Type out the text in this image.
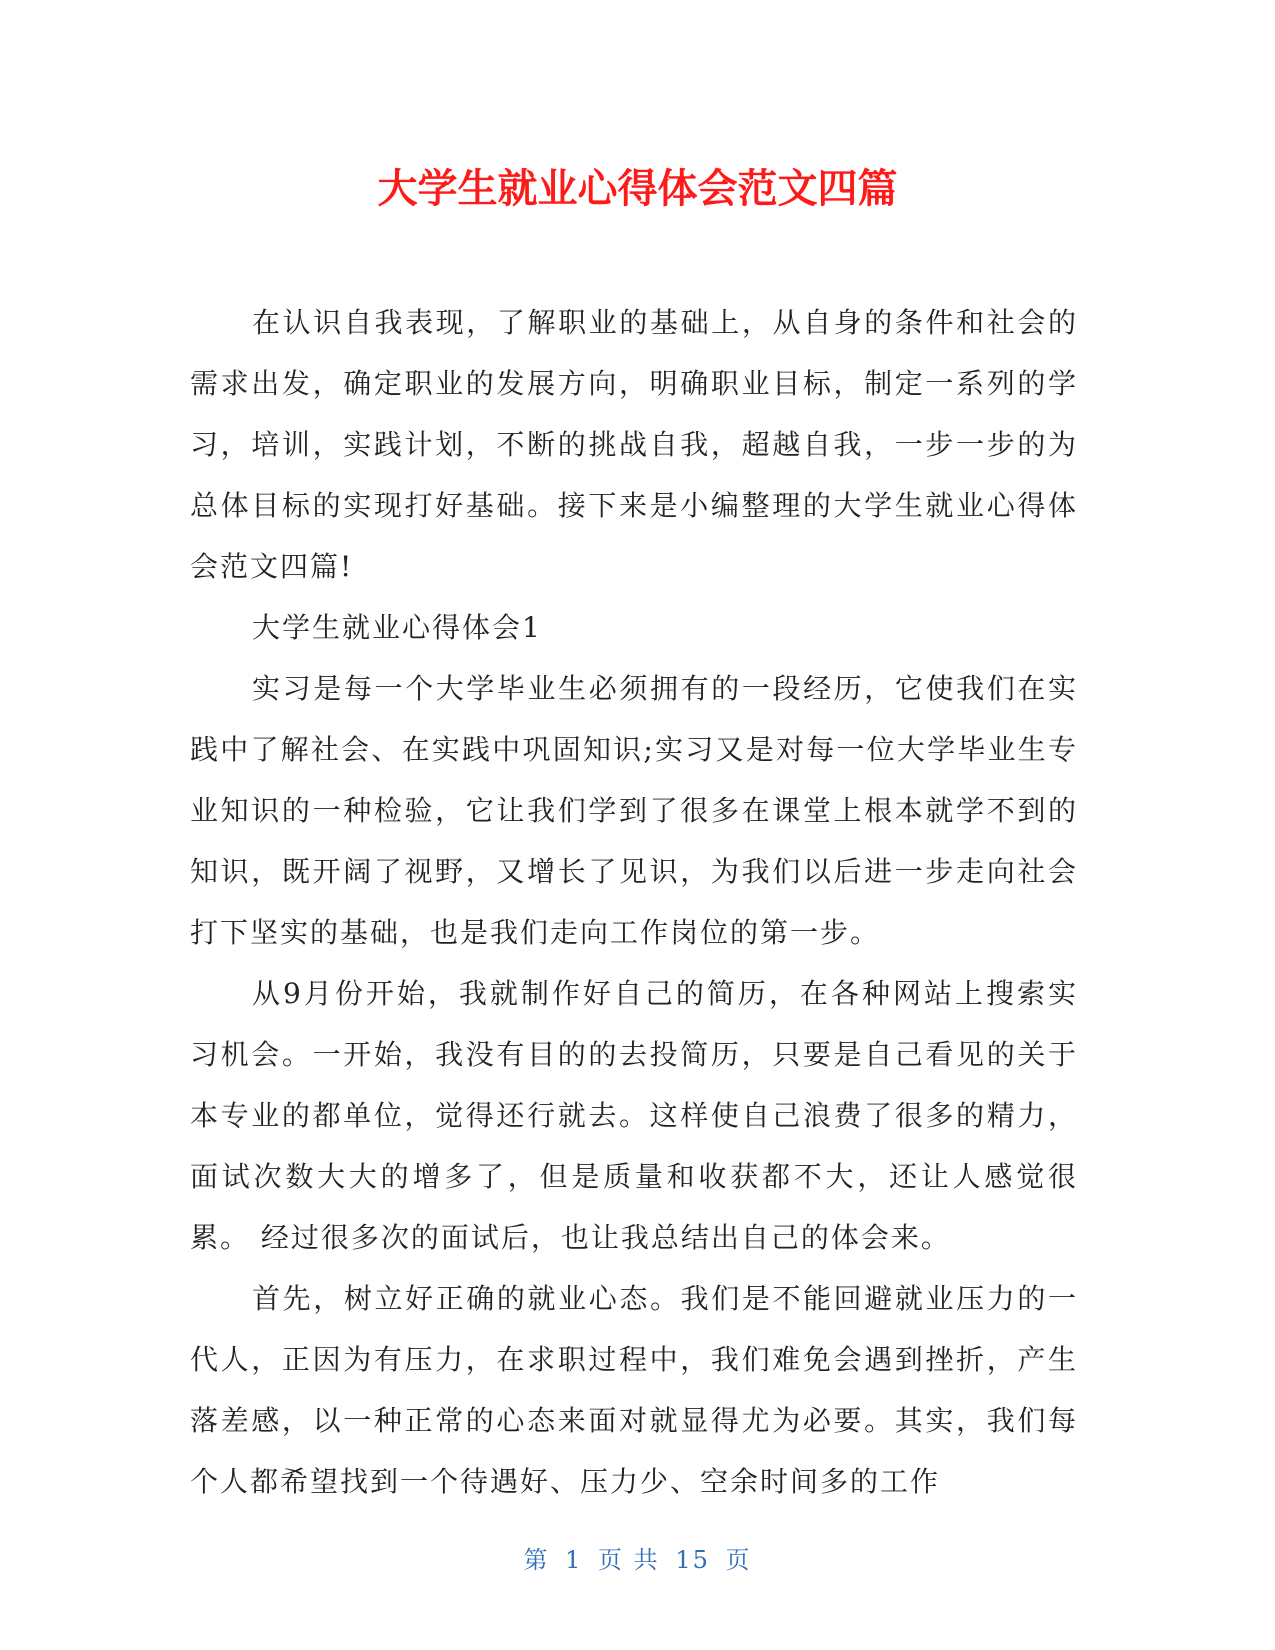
大学生就业心得体会范文四篇

在认识自我表现，了解职业的基础上，从自身的条件和社会的需求出发，确定职业的发展方向，明确职业目标，制定一系列的学习，培训，实践计划，不断的挑战自我，超越自我，一步一步的为总体目标的实现打好基础。接下来是小编整理的大学生就业心得体会范文四篇!

大学生就业心得体会1

实习是每一个大学毕业生必须拥有的一段经历，它使我们在实践中了解社会、在实践中巩固知识;实习又是对每一位大学毕业生专业知识的一种检验，它让我们学到了很多在课堂上根本就学不到的知识，既开阔了视野，又增长了见识，为我们以后进一步走向社会打下坚实的基础，也是我们走向工作岗位的第一步。

从9月份开始，我就制作好自己的简历，在各种网站上搜索实习机会。一开始，我没有目的的去投简历，只要是自己看见的关于本专业的都单位，觉得还行就去。这样使自己浪费了很多的精力，面试次数大大的增多了，但是质量和收获都不大，还让人感觉很累。 经过很多次的面试后，也让我总结出自己的体会来。

首先，树立好正确的就业心态。我们是不能回避就业压力的一代人，正因为有压力，在求职过程中，我们难免会遇到挫折，产生落差感，以一种正常的心态来面对就显得尤为必要。其实，我们每个人都希望找到一个待遇好、压力少、空余时间多的工作

第 1 页 共 15 页
